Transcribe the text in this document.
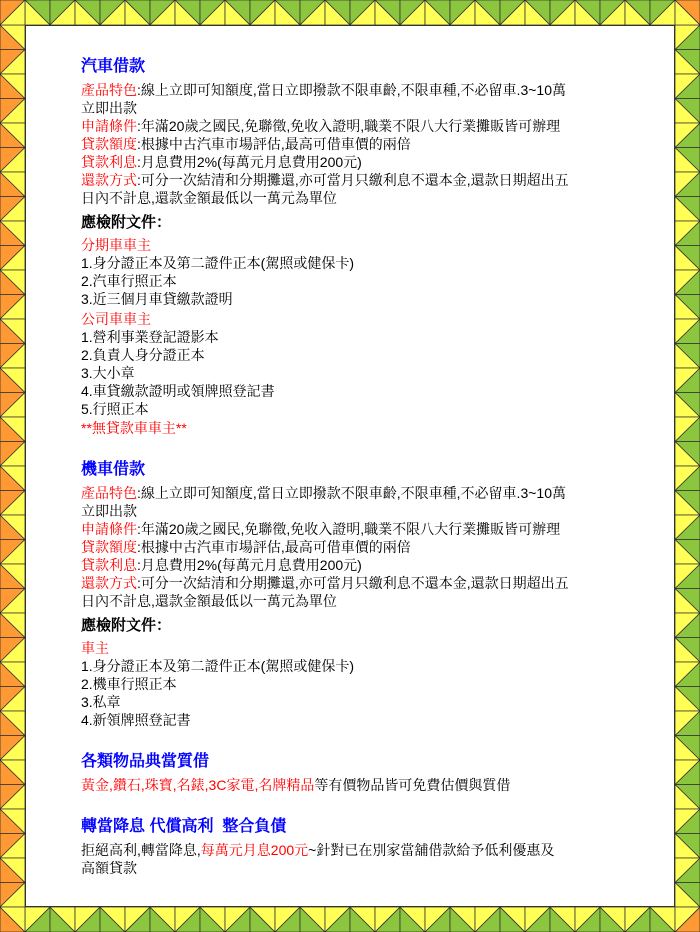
汽車借款
產品特色:線上立即可知額度,當日立即撥款不限車齡,不限車種,不必留車.3~10萬
立即出款
申請條件:年滿20歲之國民,免聯徵,免收入證明,職業不限八大行業攤販皆可辦理
貸款額度:根據中古汽車市場評估,最高可借車價的兩倍
貸款利息:月息費用2%(每萬元月息費用200元)
還款方式:可分一次結清和分期攤還,亦可當月只繳利息不還本金,還款日期超出五
日內不計息,還款金額最低以一萬元為單位
應檢附文件：
分期車車主
1.身分證正本及第二證件正本(駕照或健保卡)
2.汽車行照正本
3.近三個月車貸繳款證明
公司車車主
1.營利事業登記證影本
2.負責人身分證正本
3.大小章
4.車貸繳款證明或領牌照登記書
5.行照正本
**無貸款車車主**
機車借款
產品特色:線上立即可知額度,當日立即撥款不限車齡,不限車種,不必留車.3~10萬
立即出款
申請條件:年滿20歲之國民,免聯徵,免收入證明,職業不限八大行業攤販皆可辦理
貸款額度:根據中古汽車市場評估,最高可借車價的兩倍
貸款利息:月息費用2%(每萬元月息費用200元)
還款方式:可分一次結清和分期攤還,亦可當月只繳利息不還本金,還款日期超出五
日內不計息,還款金額最低以一萬元為單位
應檢附文件：
車主
1.身分證正本及第二證件正本(駕照或健保卡)
2.機車行照正本
3.私章
4.新領牌照登記書
各類物品典當質借
黃金,鑽石,珠寶,名錶,3C家電,名牌精品等有價物品皆可免費估價與質借
轉當降息 代償高利  整合負債
拒絕高利,轉當降息,每萬元月息200元~針對已在別家當舖借款給予低利優惠及
高額貸款
